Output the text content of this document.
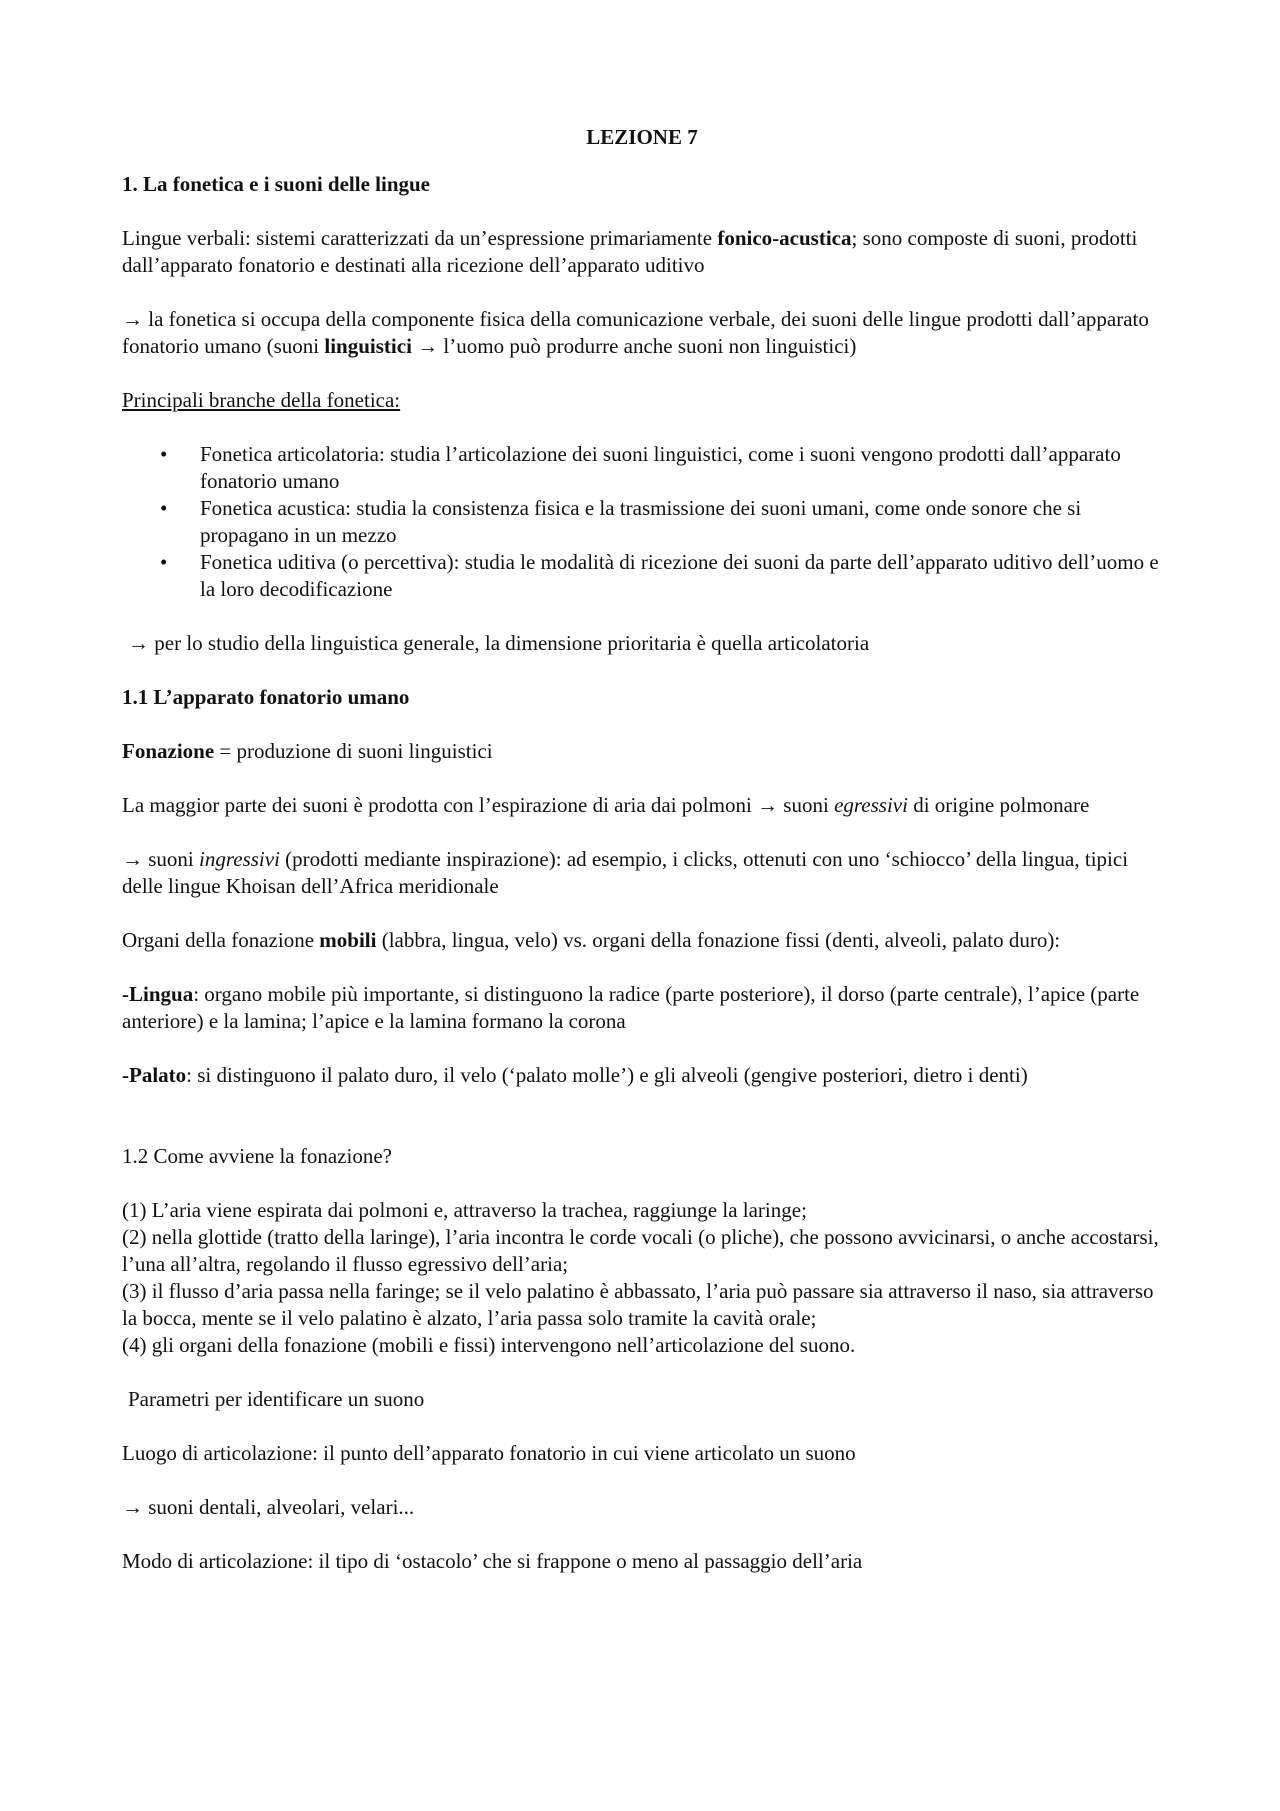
LEZIONE 7
1. La fonetica e i suoni delle lingue
Lingue verbali: sistemi caratterizzati da un’espressione primariamente fonico-acustica; sono composte di suoni, prodotti dall’apparato fonatorio e destinati alla ricezione dell’apparato uditivo
→ la fonetica si occupa della componente fisica della comunicazione verbale, dei suoni delle lingue prodotti dall’apparato fonatorio umano (suoni linguistici → l’uomo può produrre anche suoni non linguistici)
Principali branche della fonetica:
• Fonetica articolatoria: studia l’articolazione dei suoni linguistici, come i suoni vengono prodotti dall’apparato fonatorio umano
• Fonetica acustica: studia la consistenza fisica e la trasmissione dei suoni umani, come onde sonore che si propagano in un mezzo
• Fonetica uditiva (o percettiva): studia le modalità di ricezione dei suoni da parte dell’apparato uditivo dell’uomo e la loro decodificazione
→ per lo studio della linguistica generale, la dimensione prioritaria è quella articolatoria
1.1 L’apparato fonatorio umano
Fonazione = produzione di suoni linguistici
La maggior parte dei suoni è prodotta con l’espirazione di aria dai polmoni → suoni egressivi di origine polmonare
→ suoni ingressivi (prodotti mediante inspirazione): ad esempio, i clicks, ottenuti con uno ‘schiocco’ della lingua, tipici delle lingue Khoisan dell’Africa meridionale
Organi della fonazione mobili (labbra, lingua, velo) vs. organi della fonazione fissi (denti, alveoli, palato duro):
-Lingua: organo mobile più importante, si distinguono la radice (parte posteriore), il dorso (parte centrale), l’apice (parte anteriore) e la lamina; l’apice e la lamina formano la corona
-Palato: si distinguono il palato duro, il velo (‘palato molle’) e gli alveoli (gengive posteriori, dietro i denti)
1.2 Come avviene la fonazione?
(1) L’aria viene espirata dai polmoni e, attraverso la trachea, raggiunge la laringe;
(2) nella glottide (tratto della laringe), l’aria incontra le corde vocali (o pliche), che possono avvicinarsi, o anche accostarsi, l’una all’altra, regolando il flusso egressivo dell’aria;
(3) il flusso d’aria passa nella faringe; se il velo palatino è abbassato, l’aria può passare sia attraverso il naso, sia attraverso la bocca, mente se il velo palatino è alzato, l’aria passa solo tramite la cavità orale;
(4) gli organi della fonazione (mobili e fissi) intervengono nell’articolazione del suono.
Parametri per identificare un suono
Luogo di articolazione: il punto dell’apparato fonatorio in cui viene articolato un suono
→ suoni dentali, alveolari, velari...
Modo di articolazione: il tipo di ‘ostacolo’ che si frappone o meno al passaggio dell’aria
